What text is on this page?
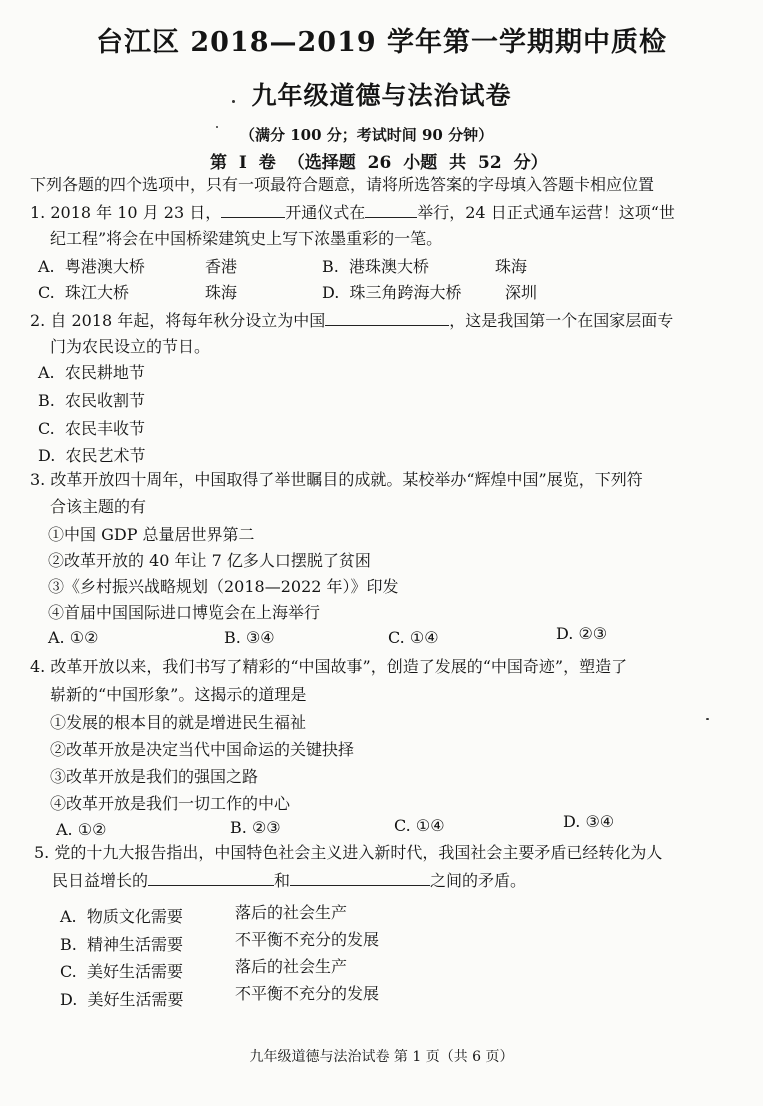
台江区 2018—2019 学年第一学期期中质检
九年级道德与法治试卷
（满分 100 分；考试时间 90 分钟）
第 I 卷 （选择题 26 小题 共 52 分）
下列各题的四个选项中，只有一项最符合题意，请将所选答案的字母填入答题卡相应位置
1. 2018 年 10 月 23 日，	开通仪式在	举行，24 日正式通车运营！这项“世
纪工程”将会在中国桥梁建筑史上写下浓墨重彩的一笔。
A. 粤港澳大桥	香港	B. 港珠澳大桥	珠海
C. 珠江大桥	珠海	D. 珠三角跨海大桥	深圳
2. 自 2018 年起，将每年秋分设立为中国	，这是我国第一个在国家层面专
门为农民设立的节日。
A. 农民耕地节
B. 农民收割节
C. 农民丰收节
D. 农民艺术节
3. 改革开放四十周年，中国取得了举世瞩目的成就。某校举办“辉煌中国”展览，下列符
合该主题的有
①中国 GDP 总量居世界第二
②改革开放的 40 年让 7 亿多人口摆脱了贫困
③《乡村振兴战略规划（2018—2022 年）》印发
④首届中国国际进口博览会在上海举行
A. ①②	B. ③④	C. ①④	D. ②③
4. 改革开放以来，我们书写了精彩的“中国故事”，创造了发展的“中国奇迹”，塑造了
崭新的“中国形象”。这揭示的道理是
①发展的根本目的就是增进民生福祉
②改革开放是决定当代中国命运的关键抉择
③改革开放是我们的强国之路
④改革开放是我们一切工作的中心
A. ①②	B. ②③	C. ①④	D. ③④
5. 党的十九大报告指出，中国特色社会主义进入新时代，我国社会主要矛盾已经转化为人
民日益增长的	和	之间的矛盾。
A. 物质文化需要	落后的社会生产
B. 精神生活需要	不平衡不充分的发展
C. 美好生活需要	落后的社会生产
D. 美好生活需要	不平衡不充分的发展
九年级道德与法治试卷 第 1 页（共 6 页）
